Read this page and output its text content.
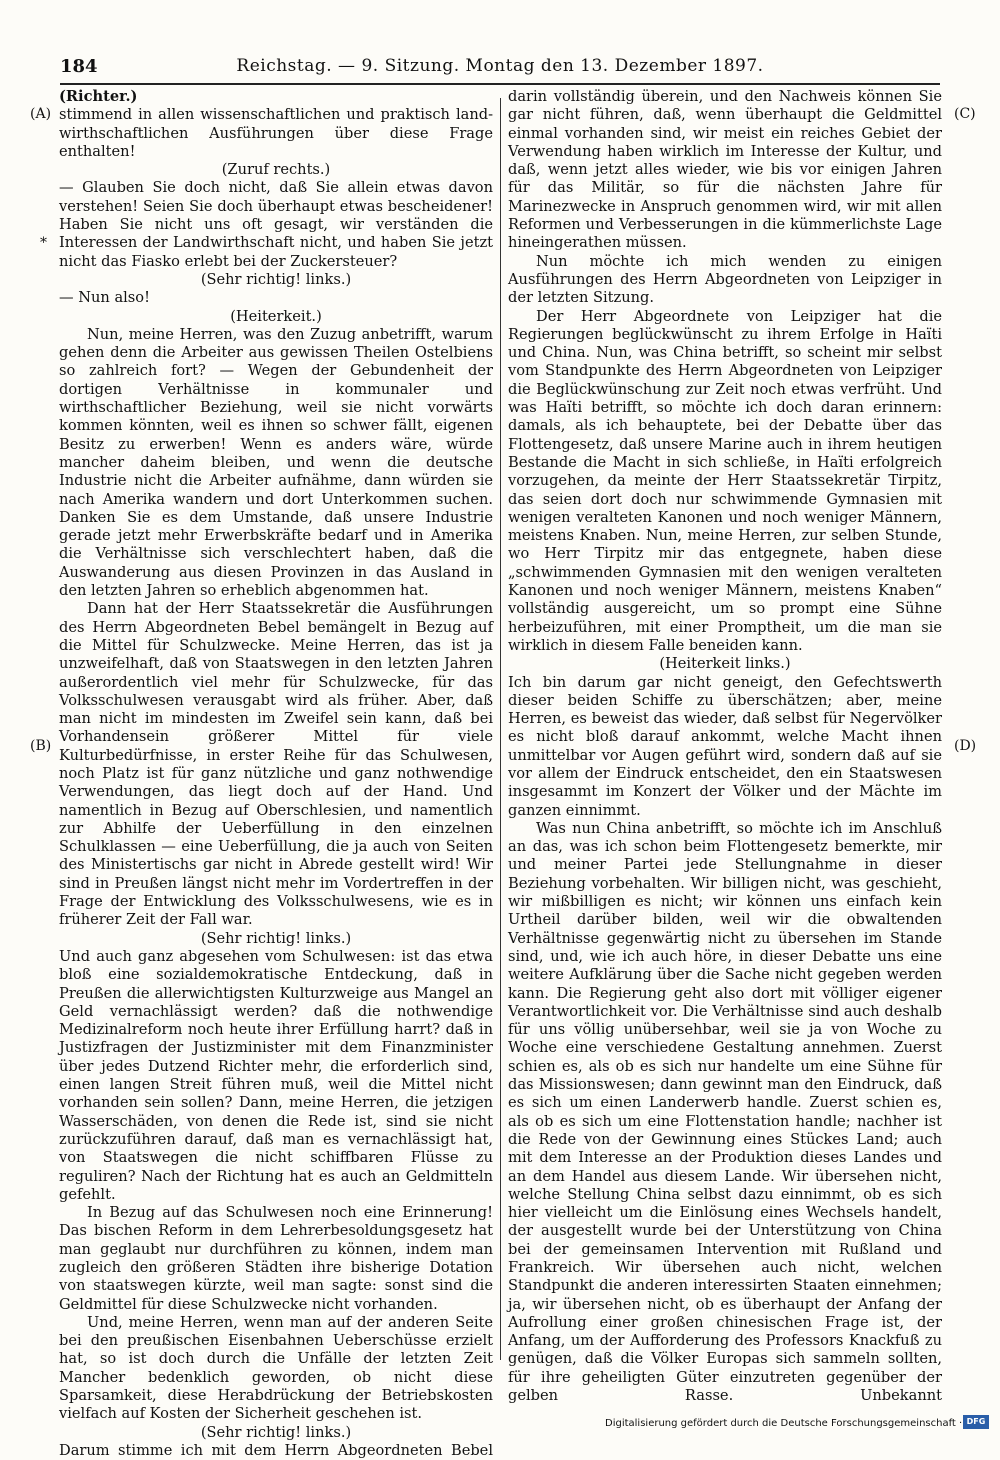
184	Reichstag. — 9. Sitzung. Montag den 13. Dezember 1897.
(A)
*
(B)
(C)
(D)

(Richter.)

stimmend in allen wissenschaftlichen und praktisch land-wirthschaftlichen Ausführungen über diese Frage enthalten!

(Zuruf rechts.)

— Glauben Sie doch nicht, daß Sie allein etwas davon verstehen! Seien Sie doch überhaupt etwas bescheidener! Haben Sie nicht uns oft gesagt, wir verständen die Interessen der Landwirthschaft nicht, und haben Sie jetzt nicht das Fiasko erlebt bei der Zuckersteuer?

(Sehr richtig! links.)

— Nun also!

(Heiterkeit.)

Nun, meine Herren, was den Zuzug anbetrifft, warum gehen denn die Arbeiter aus gewissen Theilen Ostelbiens so zahlreich fort? — Wegen der Gebundenheit der dortigen Verhältnisse in kommunaler und wirthschaftlicher Beziehung, weil sie nicht vorwärts kommen könnten, weil es ihnen so schwer fällt, eigenen Besitz zu erwerben! Wenn es anders wäre, würde mancher daheim bleiben, und wenn die deutsche Industrie nicht die Arbeiter aufnähme, dann würden sie nach Amerika wandern und dort Unterkommen suchen. Danken Sie es dem Umstande, daß unsere Industrie gerade jetzt mehr Erwerbskräfte bedarf und in Amerika die Verhältnisse sich verschlechtert haben, daß die Auswanderung aus diesen Provinzen in das Ausland in den letzten Jahren so erheblich abgenommen hat.

Dann hat der Herr Staatssekretär die Ausführungen des Herrn Abgeordneten Bebel bemängelt in Bezug auf die Mittel für Schulzwecke. Meine Herren, das ist ja unzweifelhaft, daß von Staatswegen in den letzten Jahren außerordentlich viel mehr für Schulzwecke, für das Volksschulwesen verausgabt wird als früher. Aber, daß man nicht im mindesten im Zweifel sein kann, daß bei Vorhandensein größerer Mittel für viele Kulturbedürfnisse, in erster Reihe für das Schulwesen, noch Platz ist für ganz nützliche und ganz nothwendige Verwendungen, das liegt doch auf der Hand. Und namentlich in Bezug auf Oberschlesien, und namentlich zur Abhilfe der Ueberfüllung in den einzelnen Schulklassen — eine Ueberfüllung, die ja auch von Seiten des Ministertischs gar nicht in Abrede gestellt wird! Wir sind in Preußen längst nicht mehr im Vordertreffen in der Frage der Entwicklung des Volksschulwesens, wie es in früherer Zeit der Fall war.

(Sehr richtig! links.)

Und auch ganz abgesehen vom Schulwesen: ist das etwa bloß eine sozialdemokratische Entdeckung, daß in Preußen die allerwichtigsten Kulturzweige aus Mangel an Geld vernachlässigt werden? daß die nothwendige Medizinalreform noch heute ihrer Erfüllung harrt? daß in Justizfragen der Justizminister mit dem Finanzminister über jedes Dutzend Richter mehr, die erforderlich sind, einen langen Streit führen muß, weil die Mittel nicht vorhanden sein sollen? Dann, meine Herren, die jetzigen Wasserschäden, von denen die Rede ist, sind sie nicht zurückzuführen darauf, daß man es vernachlässigt hat, von Staatswegen die nicht schiffbaren Flüsse zu reguliren? Nach der Richtung hat es auch an Geldmitteln gefehlt.

In Bezug auf das Schulwesen noch eine Erinnerung! Das bischen Reform in dem Lehrerbesoldungsgesetz hat man geglaubt nur durchführen zu können, indem man zugleich den größeren Städten ihre bisherige Dotation von staatswegen kürzte, weil man sagte: sonst sind die Geldmittel für diese Schulzwecke nicht vorhanden.

Und, meine Herren, wenn man auf der anderen Seite bei den preußischen Eisenbahnen Ueberschüsse erzielt hat, so ist doch durch die Unfälle der letzten Zeit Mancher bedenklich geworden, ob nicht diese Sparsamkeit, diese Herabdrückung der Betriebskosten vielfach auf Kosten der Sicherheit geschehen ist.

(Sehr richtig! links.)

Darum stimme ich mit dem Herrn Abgeordneten Bebel

darin vollständig überein, und den Nachweis können Sie gar nicht führen, daß, wenn überhaupt die Geldmittel einmal vorhanden sind, wir meist ein reiches Gebiet der Verwendung haben wirklich im Interesse der Kultur, und daß, wenn jetzt alles wieder, wie bis vor einigen Jahren für das Militär, so für die nächsten Jahre für Marinezwecke in Anspruch genommen wird, wir mit allen Reformen und Verbesserungen in die kümmerlichste Lage hineingerathen müssen.

Nun möchte ich mich wenden zu einigen Ausführungen des Herrn Abgeordneten von Leipziger in der letzten Sitzung.

Der Herr Abgeordnete von Leipziger hat die Regierungen beglückwünscht zu ihrem Erfolge in Haïti und China. Nun, was China betrifft, so scheint mir selbst vom Standpunkte des Herrn Abgeordneten von Leipziger die Beglückwünschung zur Zeit noch etwas verfrüht. Und was Haïti betrifft, so möchte ich doch daran erinnern: damals, als ich behauptete, bei der Debatte über das Flottengesetz, daß unsere Marine auch in ihrem heutigen Bestande die Macht in sich schließe, in Haïti erfolgreich vorzugehen, da meinte der Herr Staatssekretär Tirpitz, das seien dort doch nur schwimmende Gymnasien mit wenigen veralteten Kanonen und noch weniger Männern, meistens Knaben. Nun, meine Herren, zur selben Stunde, wo Herr Tirpitz mir das entgegnete, haben diese „schwimmenden Gymnasien mit den wenigen veralteten Kanonen und noch weniger Männern, meistens Knaben“ vollständig ausgereicht, um so prompt eine Sühne herbeizuführen, mit einer Promptheit, um die man sie wirklich in diesem Falle beneiden kann.

(Heiterkeit links.)

Ich bin darum gar nicht geneigt, den Gefechtswerth dieser beiden Schiffe zu überschätzen; aber, meine Herren, es beweist das wieder, daß selbst für Negervölker es nicht bloß darauf ankommt, welche Macht ihnen unmittelbar vor Augen geführt wird, sondern daß auf sie vor allem der Eindruck entscheidet, den ein Staatswesen insgesammt im Konzert der Völker und der Mächte im ganzen einnimmt.

Was nun China anbetrifft, so möchte ich im Anschluß an das, was ich schon beim Flottengesetz bemerkte, mir und meiner Partei jede Stellungnahme in dieser Beziehung vorbehalten. Wir billigen nicht, was geschieht, wir mißbilligen es nicht; wir können uns einfach kein Urtheil darüber bilden, weil wir die obwaltenden Verhältnisse gegenwärtig nicht zu übersehen im Stande sind, und, wie ich auch höre, in dieser Debatte uns eine weitere Aufklärung über die Sache nicht gegeben werden kann. Die Regierung geht also dort mit völliger eigener Verantwortlichkeit vor. Die Verhältnisse sind auch deshalb für uns völlig unübersehbar, weil sie ja von Woche zu Woche eine verschiedene Gestaltung annehmen. Zuerst schien es, als ob es sich nur handelte um eine Sühne für das Missionswesen; dann gewinnt man den Eindruck, daß es sich um einen Landerwerb handle. Zuerst schien es, als ob es sich um eine Flottenstation handle; nachher ist die Rede von der Gewinnung eines Stückes Land; auch mit dem Interesse an der Produktion dieses Landes und an dem Handel aus diesem Lande. Wir übersehen nicht, welche Stellung China selbst dazu einnimmt, ob es sich hier vielleicht um die Einlösung eines Wechsels handelt, der ausgestellt wurde bei der Unterstützung von China bei der gemeinsamen Intervention mit Rußland und Frankreich. Wir übersehen auch nicht, welchen Standpunkt die anderen interessirten Staaten einnehmen; ja, wir übersehen nicht, ob es überhaupt der Anfang der Aufrollung einer großen chinesischen Frage ist, der Anfang, um der Aufforderung des Professors Knackfuß zu genügen, daß die Völker Europas sich sammeln sollten, für ihre geheiligten Güter einzutreten gegenüber der gelben Rasse. Unbekannt

Digitalisierung gefördert durch die Deutsche Forschungsgemeinschaft · DFG
